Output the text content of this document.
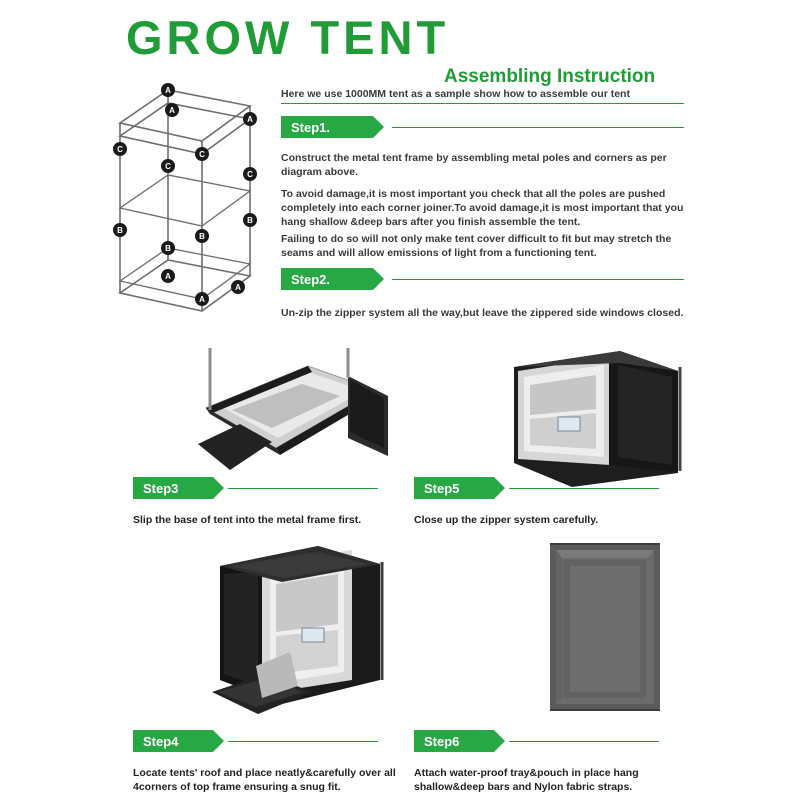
GROW TENT
Assembling Instruction
Here we use 1000MM tent as a sample show how to assemble our tent
A
A
A
C
C
C
C
B
B
B
B
A
A
A
Step1.
Construct the metal tent frame by assembling metal poles and corners as per diagram above.
To avoid damage,it is most important you check that all the poles are pushed completely into each corner joiner.To avoid damage,it is most important that you hang shallow &deep bars after you finish assemble the tent.
Failing to do so will not only make tent cover difficult to fit but may stretch the seams and will allow emissions of light from a functioning tent.
Step2.
Un-zip the zipper system all the way,but leave the zippered side windows closed.
Step3
Slip the base of tent into the metal frame first.
Step5
Close up the zipper system carefully.
Step4
Locate tents' roof and place neatly&carefully over all 4corners of top frame ensuring a snug fit.
Step6
Attach water-proof tray&pouch in place hang shallow&deep bars and Nylon fabric straps.
